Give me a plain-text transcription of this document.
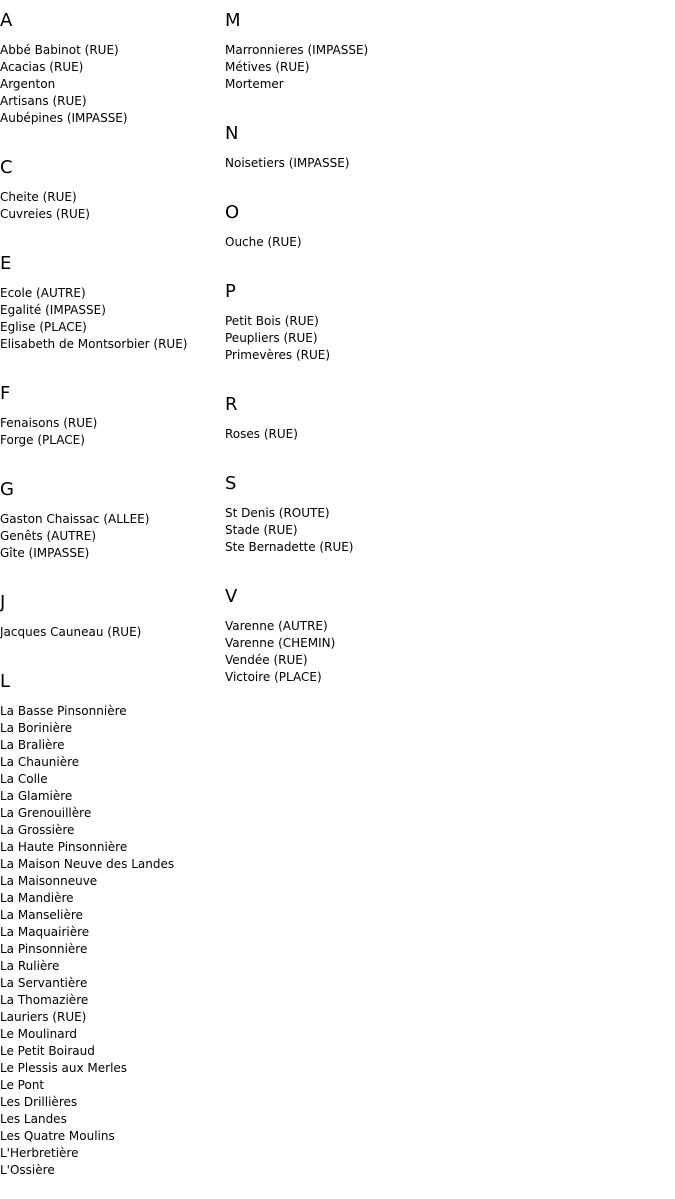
A
Abbé Babinot (RUE)
Acacias (RUE)
Argenton
Artisans (RUE)
Aubépines (IMPASSE)
C
Cheite (RUE)
Cuvreies (RUE)
E
Ecole (AUTRE)
Egalité (IMPASSE)
Eglise (PLACE)
Elisabeth de Montsorbier (RUE)
F
Fenaisons (RUE)
Forge (PLACE)
G
Gaston Chaissac (ALLEE)
Genêts (AUTRE)
Gîte (IMPASSE)
J
Jacques Cauneau (RUE)
L
La Basse Pinsonnière
La Borinière
La Bralière
La Chaunière
La Colle
La Glamière
La Grenouillère
La Grossière
La Haute Pinsonnière
La Maison Neuve des Landes
La Maisonneuve
La Mandière
La Manselière
La Maquairière
La Pinsonnière
La Rulière
La Servantière
La Thomazière
Lauriers (RUE)
Le Moulinard
Le Petit Boiraud
Le Plessis aux Merles
Le Pont
Les Drillières
Les Landes
Les Quatre Moulins
L'Herbretière
L'Ossière
M
Marronnieres (IMPASSE)
Métives (RUE)
Mortemer
N
Noisetiers (IMPASSE)
O
Ouche (RUE)
P
Petit Bois (RUE)
Peupliers (RUE)
Primevères (RUE)
R
Roses (RUE)
S
St Denis (ROUTE)
Stade (RUE)
Ste Bernadette (RUE)
V
Varenne (AUTRE)
Varenne (CHEMIN)
Vendée (RUE)
Victoire (PLACE)
